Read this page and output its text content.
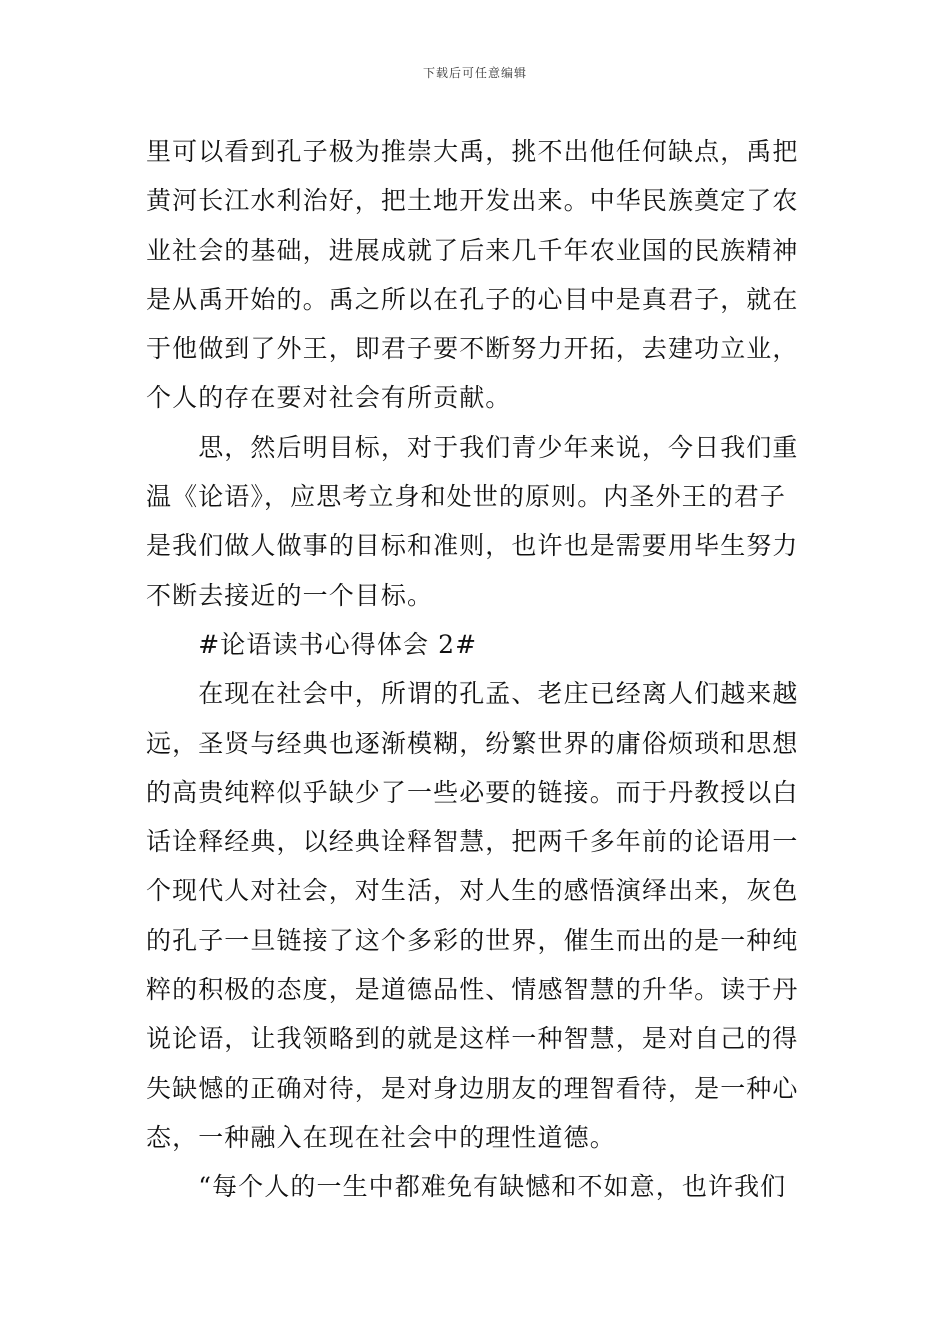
下载后可任意编辑
里可以看到孔子极为推崇大禹，挑不出他任何缺点，禹把
黄河长江水利治好，把土地开发出来。中华民族奠定了农
业社会的基础，进展成就了后来几千年农业国的民族精神
是从禹开始的。禹之所以在孔子的心目中是真君子，就在
于他做到了外王，即君子要不断努力开拓，去建功立业，
个人的存在要对社会有所贡献。
　　思，然后明目标，对于我们青少年来说，今日我们重
温《论语》，应思考立身和处世的原则。内圣外王的君子
是我们做人做事的目标和准则，也许也是需要用毕生努力
不断去接近的一个目标。
　　#论语读书心得体会 2#
　　在现在社会中，所谓的孔孟、老庄已经离人们越来越
远，圣贤与经典也逐渐模糊，纷繁世界的庸俗烦琐和思想
的高贵纯粹似乎缺少了一些必要的链接。而于丹教授以白
话诠释经典，以经典诠释智慧，把两千多年前的论语用一
个现代人对社会，对生活，对人生的感悟演绎出来，灰色
的孔子一旦链接了这个多彩的世界，催生而出的是一种纯
粹的积极的态度，是道德品性、情感智慧的升华。读于丹
说论语，让我领略到的就是这样一种智慧，是对自己的得
失缺憾的正确对待，是对身边朋友的理智看待，是一种心
态，一种融入在现在社会中的理性道德。
　　“每个人的一生中都难免有缺憾和不如意，也许我们
